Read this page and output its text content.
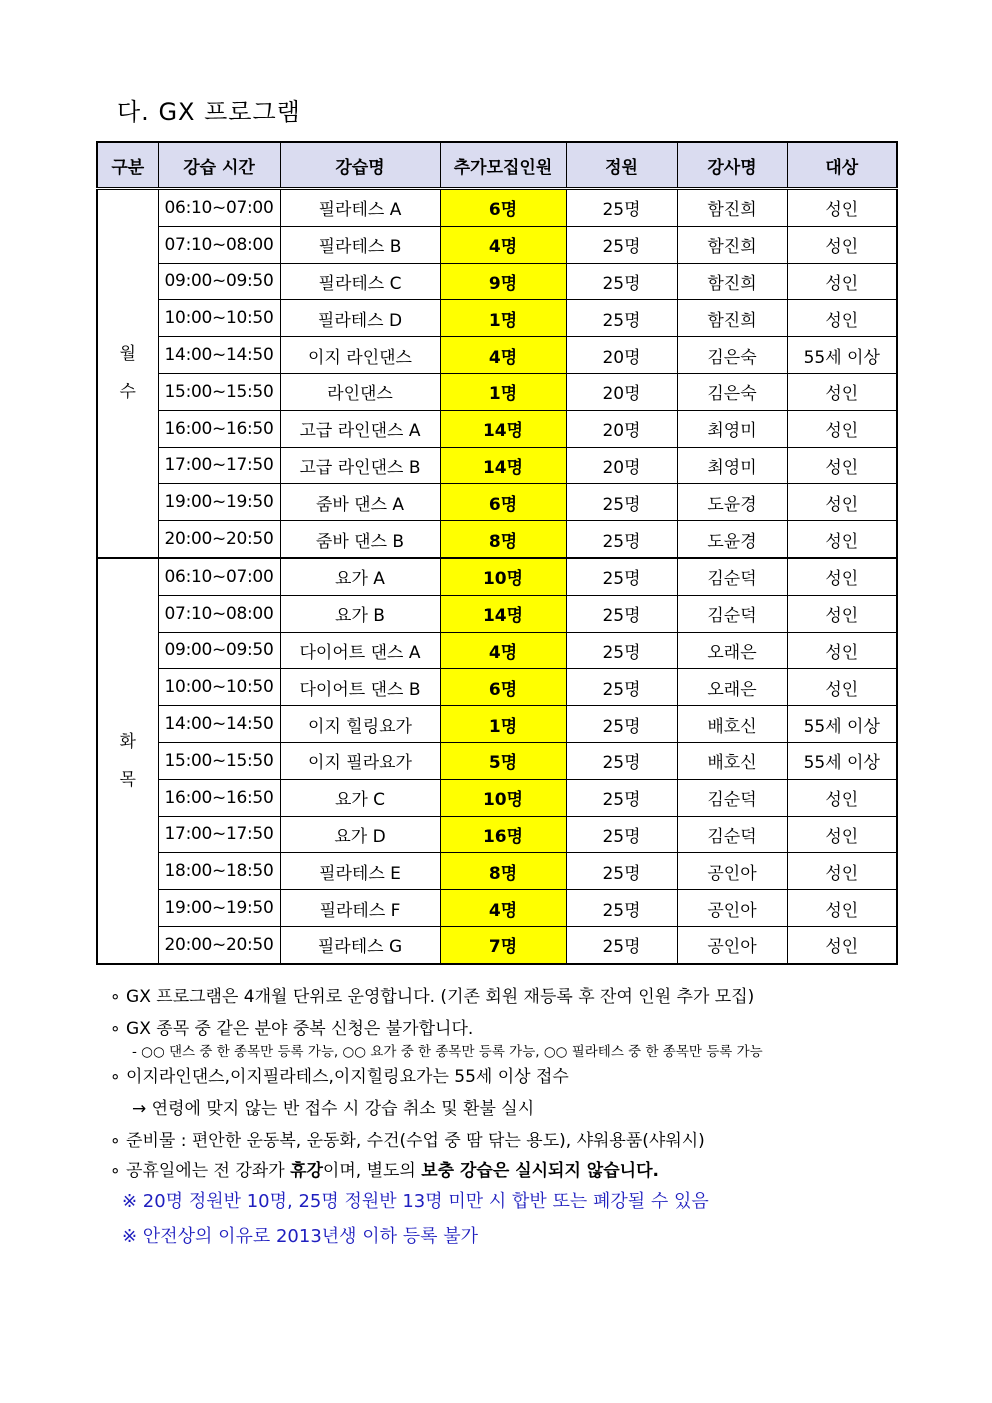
다. GX 프로그램
구분	강습 시간	강습명	추가모집인원	정원	강사명	대상

월
수	06:10~07:00	필라테스 A	6명	25명	함진희	성인
	07:10~08:00	필라테스 B	4명	25명	함진희	성인
	09:00~09:50	필라테스 C	9명	25명	함진희	성인
	10:00~10:50	필라테스 D	1명	25명	함진희	성인
	14:00~14:50	이지 라인댄스	4명	20명	김은숙	55세 이상
	15:00~15:50	라인댄스	1명	20명	김은숙	성인
	16:00~16:50	고급 라인댄스 A	14명	20명	최영미	성인
	17:00~17:50	고급 라인댄스 B	14명	20명	최영미	성인
	19:00~19:50	줌바 댄스 A	6명	25명	도윤경	성인
	20:00~20:50	줌바 댄스 B	8명	25명	도윤경	성인

화
목	06:10~07:00	요가 A	10명	25명	김순덕	성인
	07:10~08:00	요가 B	14명	25명	김순덕	성인
	09:00~09:50	다이어트 댄스 A	4명	25명	오래은	성인
	10:00~10:50	다이어트 댄스 B	6명	25명	오래은	성인
	14:00~14:50	이지 힐링요가	1명	25명	배호신	55세 이상
	15:00~15:50	이지 필라요가	5명	25명	배호신	55세 이상
	16:00~16:50	요가 C	10명	25명	김순덕	성인
	17:00~17:50	요가 D	16명	25명	김순덕	성인
	18:00~18:50	필라테스 E	8명	25명	공인아	성인
	19:00~19:50	필라테스 F	4명	25명	공인아	성인
	20:00~20:50	필라테스 G	7명	25명	공인아	성인
∘ GX 프로그램은 4개월 단위로 운영합니다. (기존 회원 재등록 후 잔여 인원 추가 모집)
∘ GX 종목 중 같은 분야 중복 신청은 불가합니다.
- ○○ 댄스 중 한 종목만 등록 가능, ○○ 요가 중 한 종목만 등록 가능, ○○ 필라테스 중 한 종목만 등록 가능
∘ 이지라인댄스,이지필라테스,이지힐링요가는 55세 이상 접수
→ 연령에 맞지 않는 반 접수 시 강습 취소 및 환불 실시
∘ 준비물 : 편안한 운동복, 운동화, 수건(수업 중 땀 닦는 용도), 샤워용품(샤워시)
∘ 공휴일에는 전 강좌가 휴강이며, 별도의 보충 강습은 실시되지 않습니다.
※ 20명 정원반 10명, 25명 정원반 13명 미만 시 합반 또는 폐강될 수 있음
※ 안전상의 이유로 2013년생 이하 등록 불가
